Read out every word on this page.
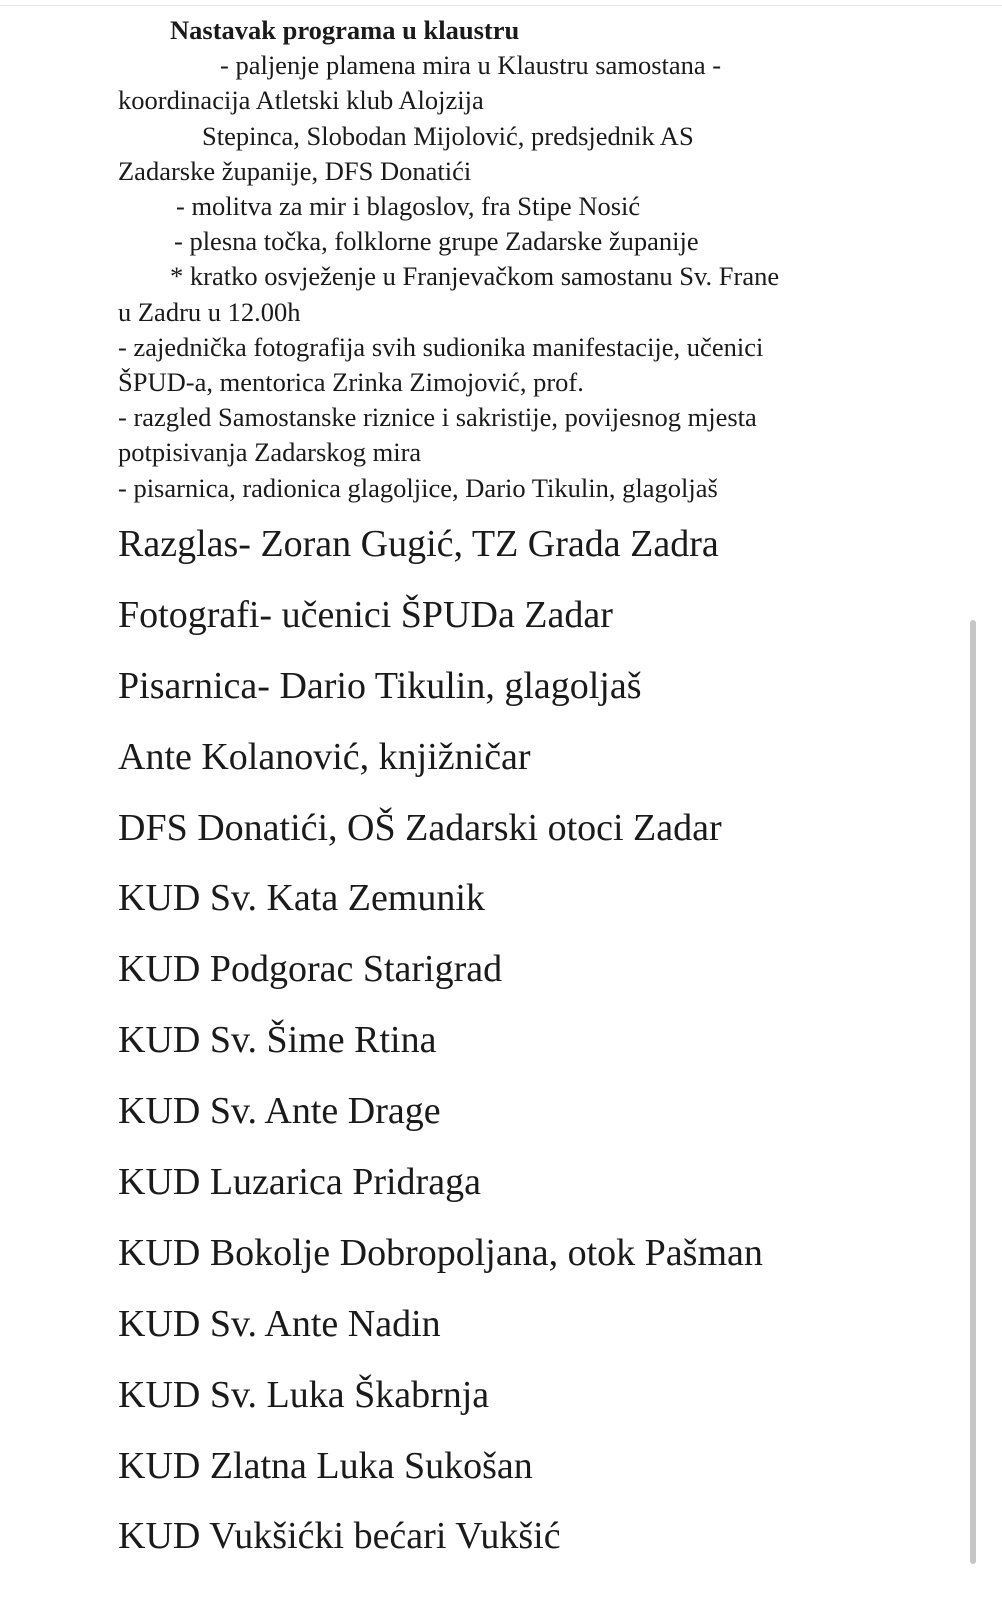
Nastavak programa u klaustru
- paljenje plamena mira u Klaustru samostana -
koordinacija Atletski klub Alojzija
Stepinca, Slobodan Mijolović, predsjednik AS
Zadarske županije, DFS Donatići
- molitva za mir i blagoslov, fra Stipe Nosić
- plesna točka, folklorne grupe Zadarske županije
* kratko osvježenje u Franjevačkom samostanu Sv. Frane
u Zadru u 12.00h
- zajednička fotografija svih sudionika manifestacije, učenici
ŠPUD-a, mentorica Zrinka Zimojović, prof.
- razgled Samostanske riznice i sakristije, povijesnog mjesta
potpisivanja Zadarskog mira
- pisarnica, radionica glagoljice, Dario Tikulin, glagoljaš
Razglas- Zoran Gugić, TZ Grada Zadra
Fotografi- učenici ŠPUDa Zadar
Pisarnica- Dario Tikulin, glagoljaš
Ante Kolanović, knjižničar
DFS Donatići, OŠ Zadarski otoci Zadar
KUD Sv. Kata Zemunik
KUD Podgorac Starigrad
KUD Sv. Šime Rtina
KUD Sv. Ante Drage
KUD Luzarica Pridraga
KUD Bokolje Dobropoljana, otok Pašman
KUD Sv. Ante Nadin
KUD Sv. Luka Škabrnja
KUD Zlatna Luka Sukošan
KUD Vukšićki bećari Vukšić
